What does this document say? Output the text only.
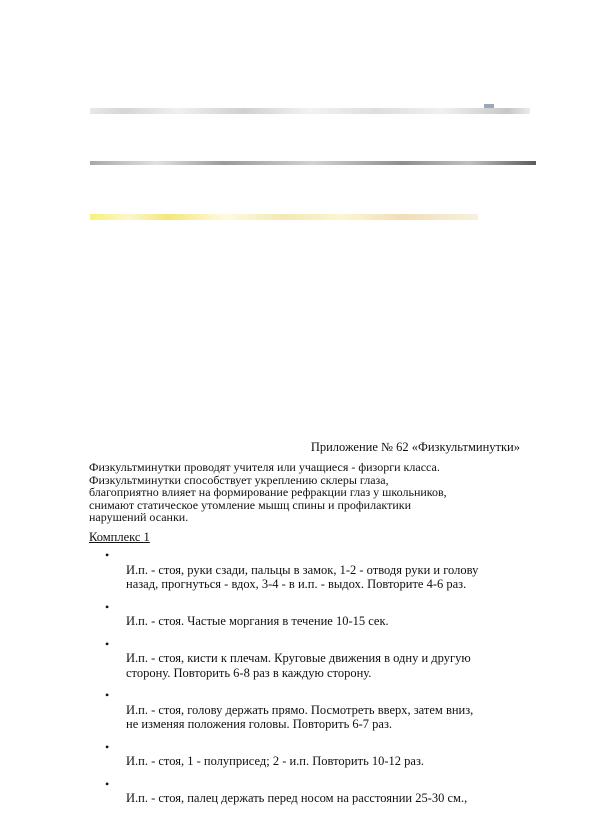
Приложение № 62 «Физкультминутки»
Физкультминутки проводят учителя или учащиеся - физорги класса.
Физкультминутки способствует укреплению склеры глаза,
благоприятно влияет на формирование рефракции глаз у школьников,
снимают статическое утомление мышц спины и профилактики
нарушений осанки.
Комплекс 1

•
И.п. - стоя, руки сзади, пальцы в замок, 1-2 - отводя руки и голову
назад, прогнуться - вдох, 3-4 - в и.п. - выдох. Повторите 4-6 раз.

•
И.п. - стоя. Частые моргания в течение 10-15 сек.

•
И.п. - стоя, кисти к плечам. Круговые движения в одну и другую
сторону. Повторить 6-8 раз в каждую сторону.

•
И.п. - стоя, голову держать прямо. Посмотреть вверх, затем вниз,
не изменяя положения головы. Повторить 6-7 раз.

•
И.п. - стоя, 1 - полуприсед; 2 - и.п. Повторить 10-12 раз.

•
И.п. - стоя, палец держать перед носом на расстоянии 25-30 см.,
